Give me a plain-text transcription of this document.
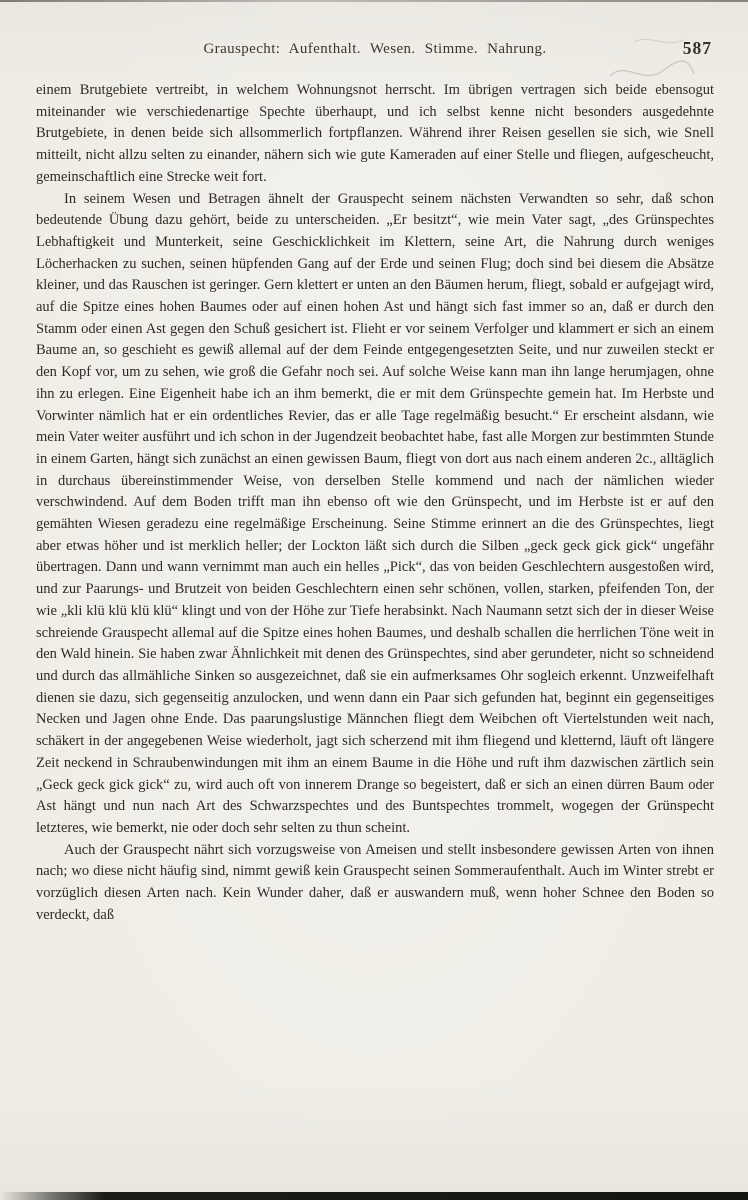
Grauspecht: Aufenthalt. Wesen. Stimme. Nahrung.	587

einem Brutgebiete vertreibt, in welchem Wohnungsnot herrscht. Im übrigen vertragen sich beide ebensogut miteinander wie verschiedenartige Spechte überhaupt, und ich selbst kenne nicht besonders ausgedehnte Brutgebiete, in denen beide sich allsommerlich fortpflanzen. Während ihrer Reisen gesellen sie sich, wie Snell mitteilt, nicht allzu selten zu einander, nähern sich wie gute Kameraden auf einer Stelle und fliegen, aufgescheucht, gemeinschaftlich eine Strecke weit fort.

In seinem Wesen und Betragen ähnelt der Grauspecht seinem nächsten Verwandten so sehr, daß schon bedeutende Übung dazu gehört, beide zu unterscheiden. „Er besitzt“, wie mein Vater sagt, „des Grünspechtes Lebhaftigkeit und Munterkeit, seine Geschicklichkeit im Klettern, seine Art, die Nahrung durch weniges Löcherhacken zu suchen, seinen hüpfenden Gang auf der Erde und seinen Flug; doch sind bei diesem die Absätze kleiner, und das Rauschen ist geringer. Gern klettert er unten an den Bäumen herum, fliegt, sobald er aufgejagt wird, auf die Spitze eines hohen Baumes oder auf einen hohen Ast und hängt sich fast immer so an, daß er durch den Stamm oder einen Ast gegen den Schuß gesichert ist. Flieht er vor seinem Verfolger und klammert er sich an einem Baume an, so geschieht es gewiß allemal auf der dem Feinde entgegengesetzten Seite, und nur zuweilen steckt er den Kopf vor, um zu sehen, wie groß die Gefahr noch sei. Auf solche Weise kann man ihn lange herumjagen, ohne ihn zu erlegen. Eine Eigenheit habe ich an ihm bemerkt, die er mit dem Grünspechte gemein hat. Im Herbste und Vorwinter nämlich hat er ein ordentliches Revier, das er alle Tage regelmäßig besucht.“ Er erscheint alsdann, wie mein Vater weiter ausführt und ich schon in der Jugendzeit beobachtet habe, fast alle Morgen zur bestimmten Stunde in einem Garten, hängt sich zunächst an einen gewissen Baum, fliegt von dort aus nach einem anderen 2c., alltäglich in durchaus übereinstimmender Weise, von derselben Stelle kommend und nach der nämlichen wieder verschwindend. Auf dem Boden trifft man ihn ebenso oft wie den Grünspecht, und im Herbste ist er auf den gemähten Wiesen geradezu eine regelmäßige Erscheinung. Seine Stimme erinnert an die des Grünspechtes, liegt aber etwas höher und ist merklich heller; der Lockton läßt sich durch die Silben „geck geck gick gick“ ungefähr übertragen. Dann und wann vernimmt man auch ein helles „Pick“, das von beiden Geschlechtern ausgestoßen wird, und zur Paarungs- und Brutzeit von beiden Geschlechtern einen sehr schönen, vollen, starken, pfeifenden Ton, der wie „kli klü klü klü klü“ klingt und von der Höhe zur Tiefe herabsinkt. Nach Naumann setzt sich der in dieser Weise schreiende Grauspecht allemal auf die Spitze eines hohen Baumes, und deshalb schallen die herrlichen Töne weit in den Wald hinein. Sie haben zwar Ähnlichkeit mit denen des Grünspechtes, sind aber gerundeter, nicht so schneidend und durch das allmähliche Sinken so ausgezeichnet, daß sie ein aufmerksames Ohr sogleich erkennt. Unzweifelhaft dienen sie dazu, sich gegenseitig anzulocken, und wenn dann ein Paar sich gefunden hat, beginnt ein gegenseitiges Necken und Jagen ohne Ende. Das paarungslustige Männchen fliegt dem Weibchen oft Viertelstunden weit nach, schäkert in der angegebenen Weise wiederholt, jagt sich scherzend mit ihm fliegend und kletternd, läuft oft längere Zeit neckend in Schraubenwindungen mit ihm an einem Baume in die Höhe und ruft ihm dazwischen zärtlich sein „Geck geck gick gick“ zu, wird auch oft von innerem Drange so begeistert, daß er sich an einen dürren Baum oder Ast hängt und nun nach Art des Schwarzspechtes und des Buntspechtes trommelt, wogegen der Grünspecht letzteres, wie bemerkt, nie oder doch sehr selten zu thun scheint.

Auch der Grauspecht nährt sich vorzugsweise von Ameisen und stellt insbesondere gewissen Arten von ihnen nach; wo diese nicht häufig sind, nimmt gewiß kein Grauspecht seinen Sommeraufenthalt. Auch im Winter strebt er vorzüglich diesen Arten nach. Kein Wunder daher, daß er auswandern muß, wenn hoher Schnee den Boden so verdeckt, daß
